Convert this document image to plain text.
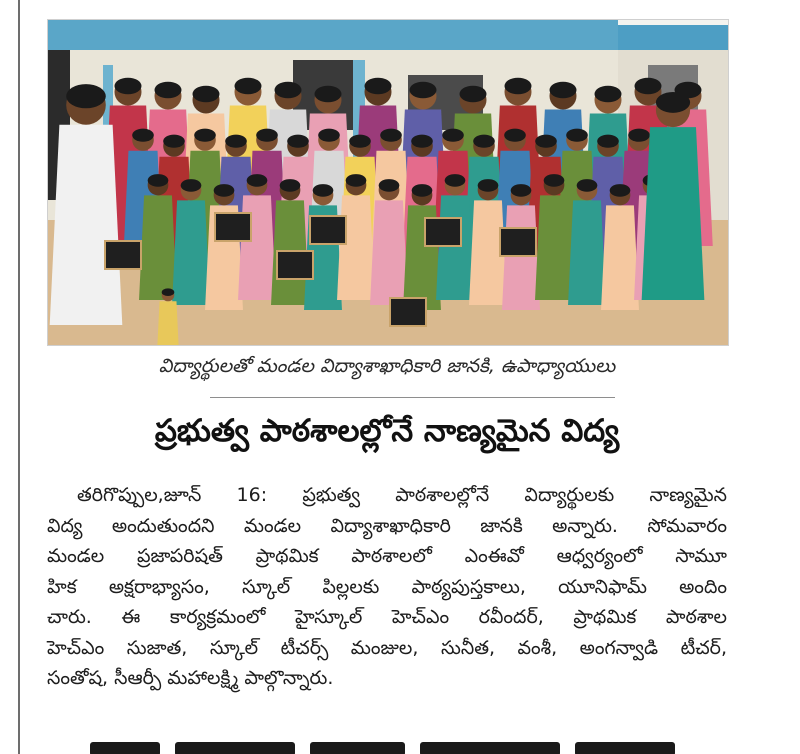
విద్యార్థులతో మండల విద్యాశాఖాధికారి జానకి, ఉపాధ్యాయులు
ప్రభుత్వ పాఠశాలల్లోనే నాణ్యమైన విద్య
తరిగొప్పుల,జూన్ 16: ప్రభుత్వ పాఠశాలల్లోనే విద్యార్థులకు నాణ్యమైన
విద్య అందుతుందని మండల విద్యాశాఖాధికారి జానకి అన్నారు. సోమవారం
మండల ప్రజాపరిషత్ ప్రాథమిక పాఠశాలలో ఎంఈవో ఆధ్వర్యంలో సామూ
హిక అక్షరాభ్యాసం, స్కూల్ పిల్లలకు పాఠ్యపుస్తకాలు, యూనిఫామ్ అందిం
చారు. ఈ కార్యక్రమంలో హైస్కూల్ హెచ్ఎం రవీందర్, ప్రాథమిక పాఠశాల
హెచ్ఎం సుజాత, స్కూల్ టీచర్స్ మంజుల, సునీత, వంశీ, అంగన్వాడి టీచర్,
సంతోష, సీఆర్పీ మహాలక్ష్మి పాల్గొన్నారు.
